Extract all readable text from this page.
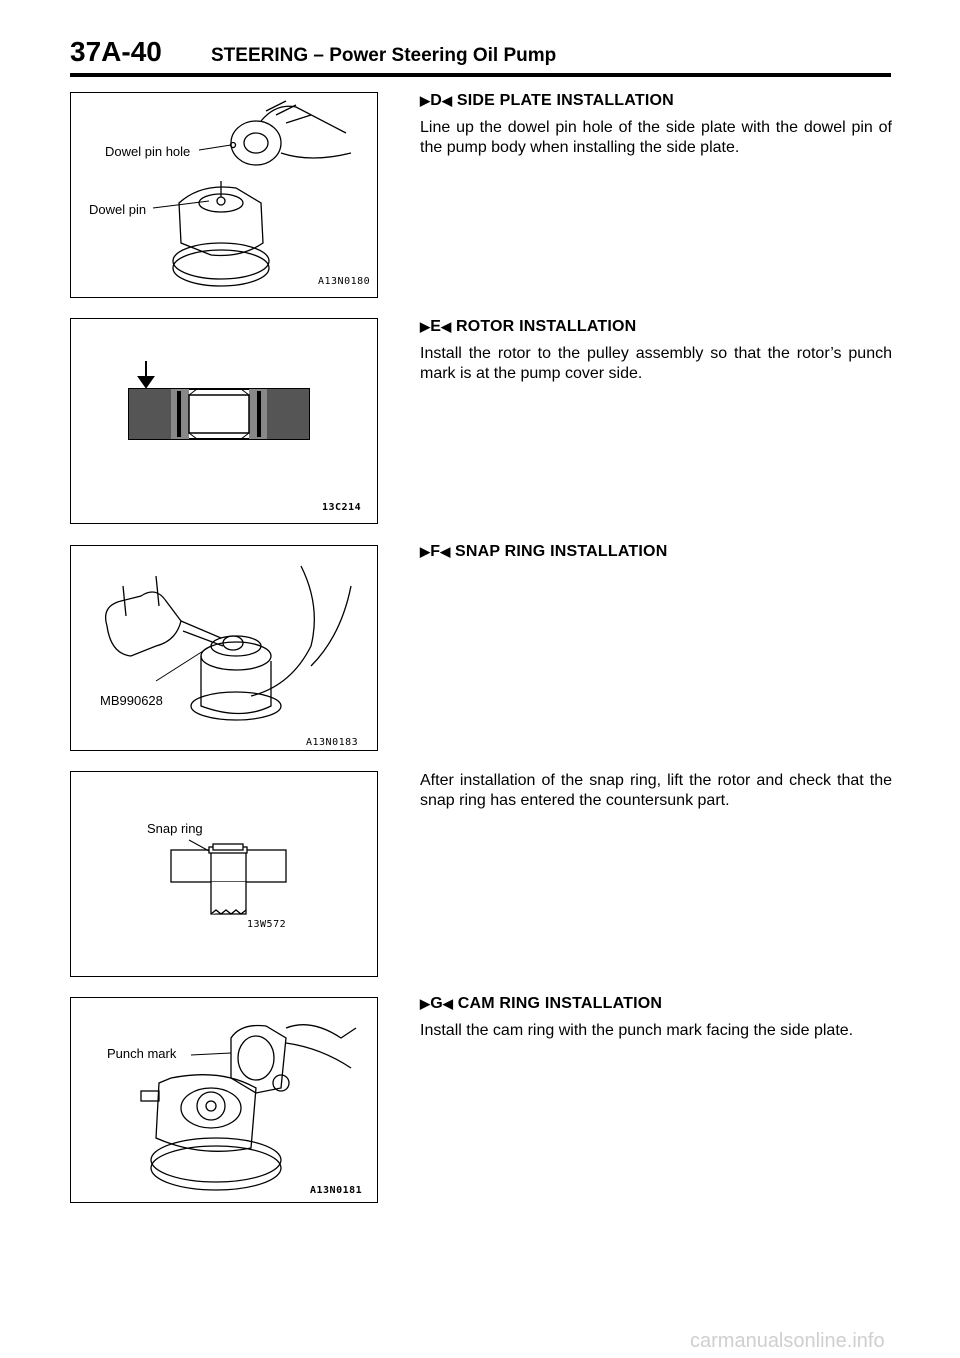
37A-40	STEERING – Power Steering Oil Pump
Dowel pin hole
Dowel pin
A13N0180
13C214
MB990628
A13N0183
Snap ring
13W572
Punch mark
A13N0181
▶ D ◀
SIDE PLATE INSTALLATION
Line up the dowel pin hole of the side plate with the dowel pin of the pump body when installing the side plate.
▶ E ◀
ROTOR INSTALLATION
Install the rotor to the pulley assembly so that the rotor’s punch mark is at the pump cover side.
▶ F ◀
SNAP RING INSTALLATION
After installation of the snap ring, lift the rotor and check that the snap ring has entered the countersunk part.
▶ G ◀
CAM RING INSTALLATION
Install the cam ring with the punch mark facing the side plate.
carmanualsonline.info
